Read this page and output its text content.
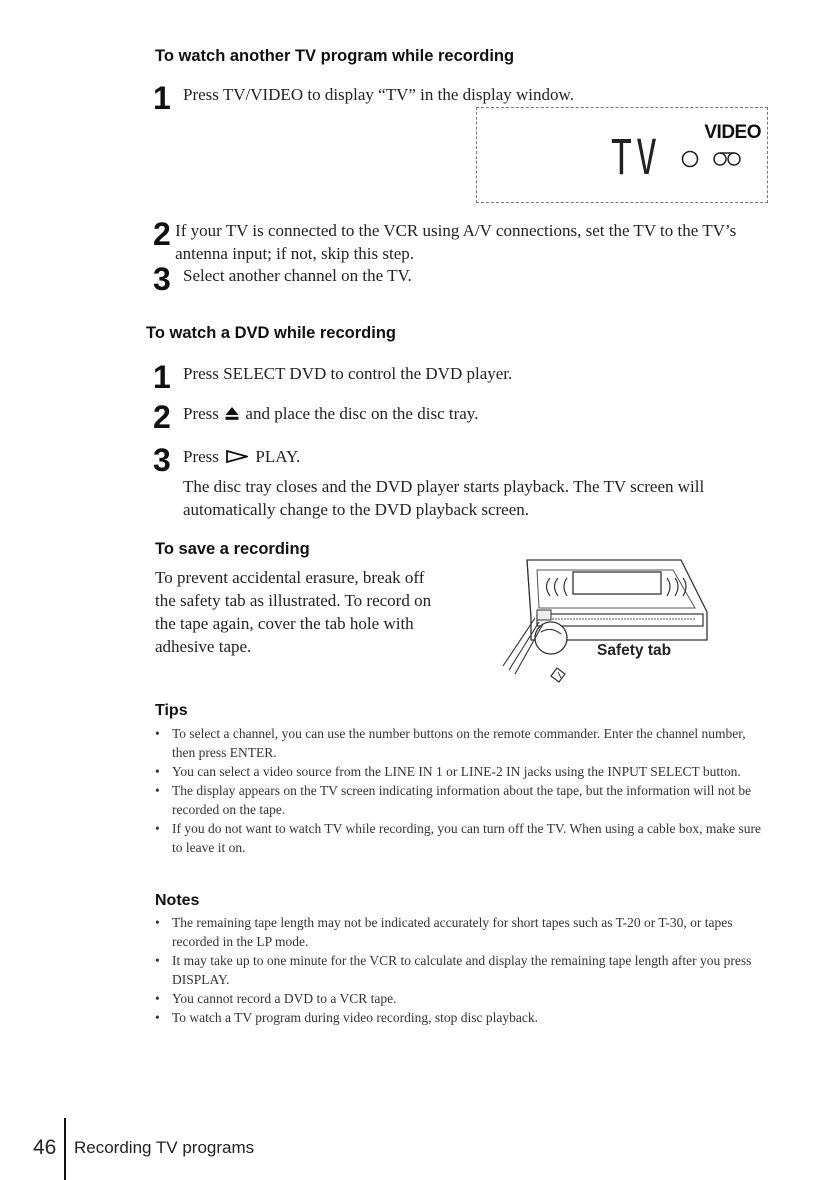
To watch another TV program while recording
1 Press TV/VIDEO to display “TV” in the display window.
VIDEO
TV
2 If your TV is connected to the VCR using A/V connections, set the TV to the TV’s antenna input; if not, skip this step.
3 Select another channel on the TV.
To watch a DVD while recording
1 Press SELECT DVD to control the DVD player.
2 Press and place the disc on the disc tray.
3 Press PLAY.
The disc tray closes and the DVD player starts playback. The TV screen will automatically change to the DVD playback screen.
To save a recording
To prevent accidental erasure, break off the safety tab as illustrated. To record on the tape again, cover the tab hole with adhesive tape.	Safety tab
Tips
• To select a channel, you can use the number buttons on the remote commander. Enter the channel number, then press ENTER.
• You can select a video source from the LINE IN 1 or LINE-2 IN jacks using the INPUT SELECT button.
• The display appears on the TV screen indicating information about the tape, but the information will not be recorded on the tape.
• If you do not want to watch TV while recording, you can turn off the TV. When using a cable box, make sure to leave it on.
Notes
• The remaining tape length may not be indicated accurately for short tapes such as T-20 or T-30, or tapes recorded in the LP mode.
• It may take up to one minute for the VCR to calculate and display the remaining tape length after you press DISPLAY.
• You cannot record a DVD to a VCR tape.
• To watch a TV program during video recording, stop disc playback.
46 Recording TV programs
